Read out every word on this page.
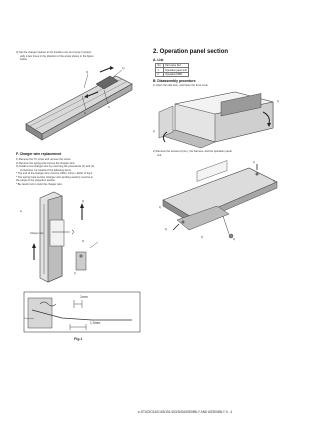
3) Set the charger cleaner to the transfer unit, and move it recipro-
cally a few times in the direction of the arrow shown in the figure
below.
A)
3)
2)
1)
F. Charger wire replacement
1) Remove the TC cover and remove the screw.
2) Remove the spring and remove the charger wire.
3) Install a new charger wire by reversing the procedures (1) and (2).
At that time, be careful of the following items.
* The end of the charger wire must be within 1.5mm. Refer to Fig.1.
* The spring hook section (charger wire winding section) must be in
the range of the projection section.
* Be careful not to twist the charger wire.
1)
2)
Charger wire
3)
1)
1mm
Projection
1.5mm
Fig.1
2. Operation panel section
A. List
No.	Part name Ref.
1	Operation panel unit
2	Operation PWB
B. Disassembly procedure
1) Open the side door, and Open the front cover.
1)
1)
2) Remove the screws of pcs.), the harness, and the operation panel
unit.
1)
1)
1)
2)
3)
3)
e-STUDIO162/163/151/153/DISASSEMBLY AND ASSEMBLY 5 - 4
